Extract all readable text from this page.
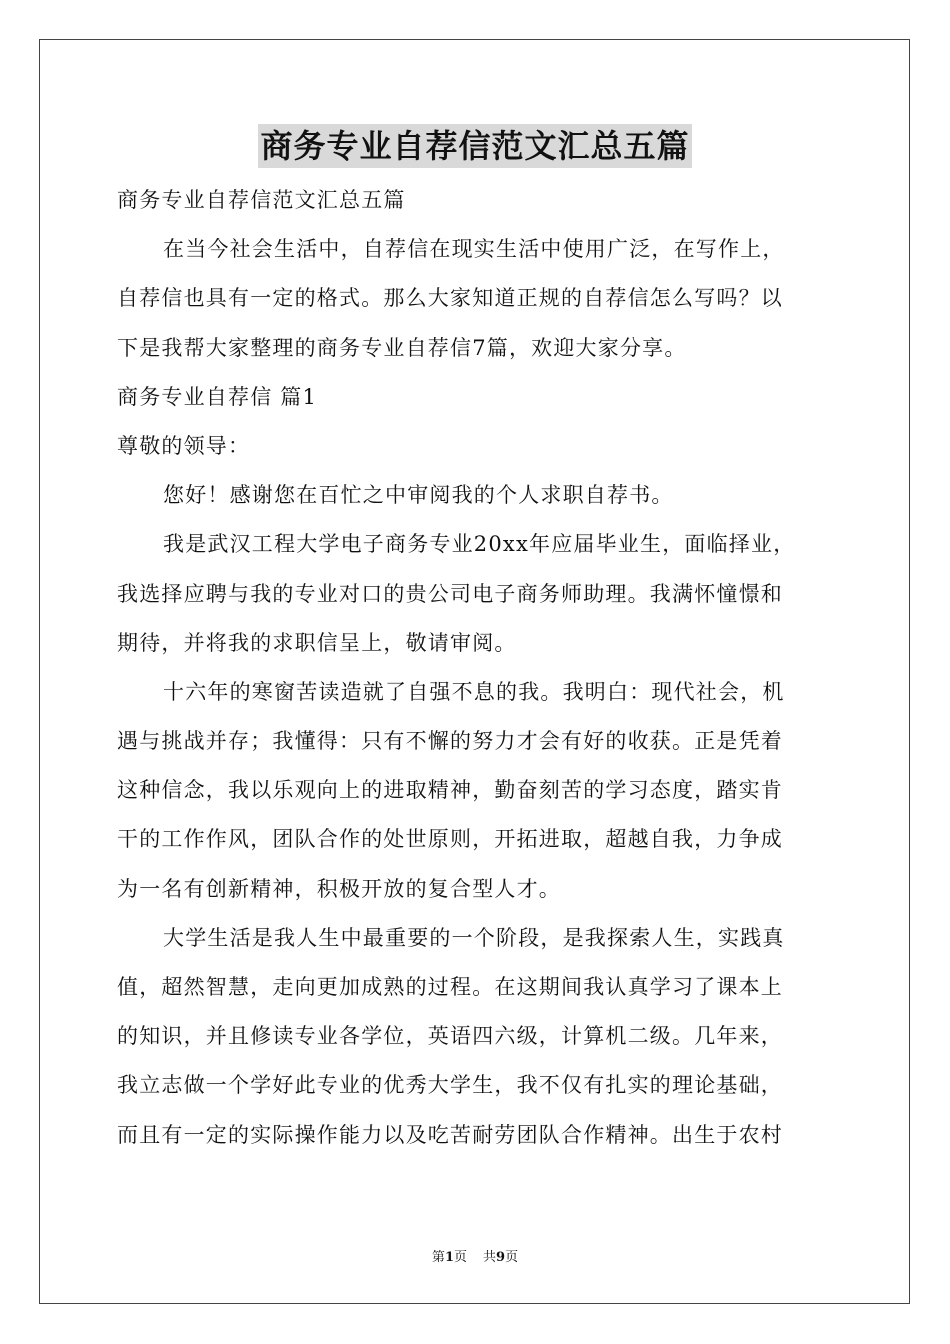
商务专业自荐信范文汇总五篇
商务专业自荐信范文汇总五篇
在当今社会生活中，自荐信在现实生活中使用广泛，在写作上，
自荐信也具有一定的格式。那么大家知道正规的自荐信怎么写吗？以
下是我帮大家整理的商务专业自荐信7篇，欢迎大家分享。
商务专业自荐信 篇1
尊敬的领导：
您好！感谢您在百忙之中审阅我的个人求职自荐书。
我是武汉工程大学电子商务专业20xx年应届毕业生，面临择业，
我选择应聘与我的专业对口的贵公司电子商务师助理。我满怀憧憬和
期待，并将我的求职信呈上，敬请审阅。
十六年的寒窗苦读造就了自强不息的我。我明白：现代社会，机
遇与挑战并存；我懂得：只有不懈的努力才会有好的收获。正是凭着
这种信念，我以乐观向上的进取精神，勤奋刻苦的学习态度，踏实肯
干的工作作风，团队合作的处世原则，开拓进取，超越自我，力争成
为一名有创新精神，积极开放的复合型人才。
大学生活是我人生中最重要的一个阶段，是我探索人生，实践真
值，超然智慧，走向更加成熟的过程。在这期间我认真学习了课本上
的知识，并且修读专业各学位，英语四六级，计算机二级。几年来，
我立志做一个学好此专业的优秀大学生，我不仅有扎实的理论基础，
而且有一定的实际操作能力以及吃苦耐劳团队合作精神。出生于农村
第1页 共9页
